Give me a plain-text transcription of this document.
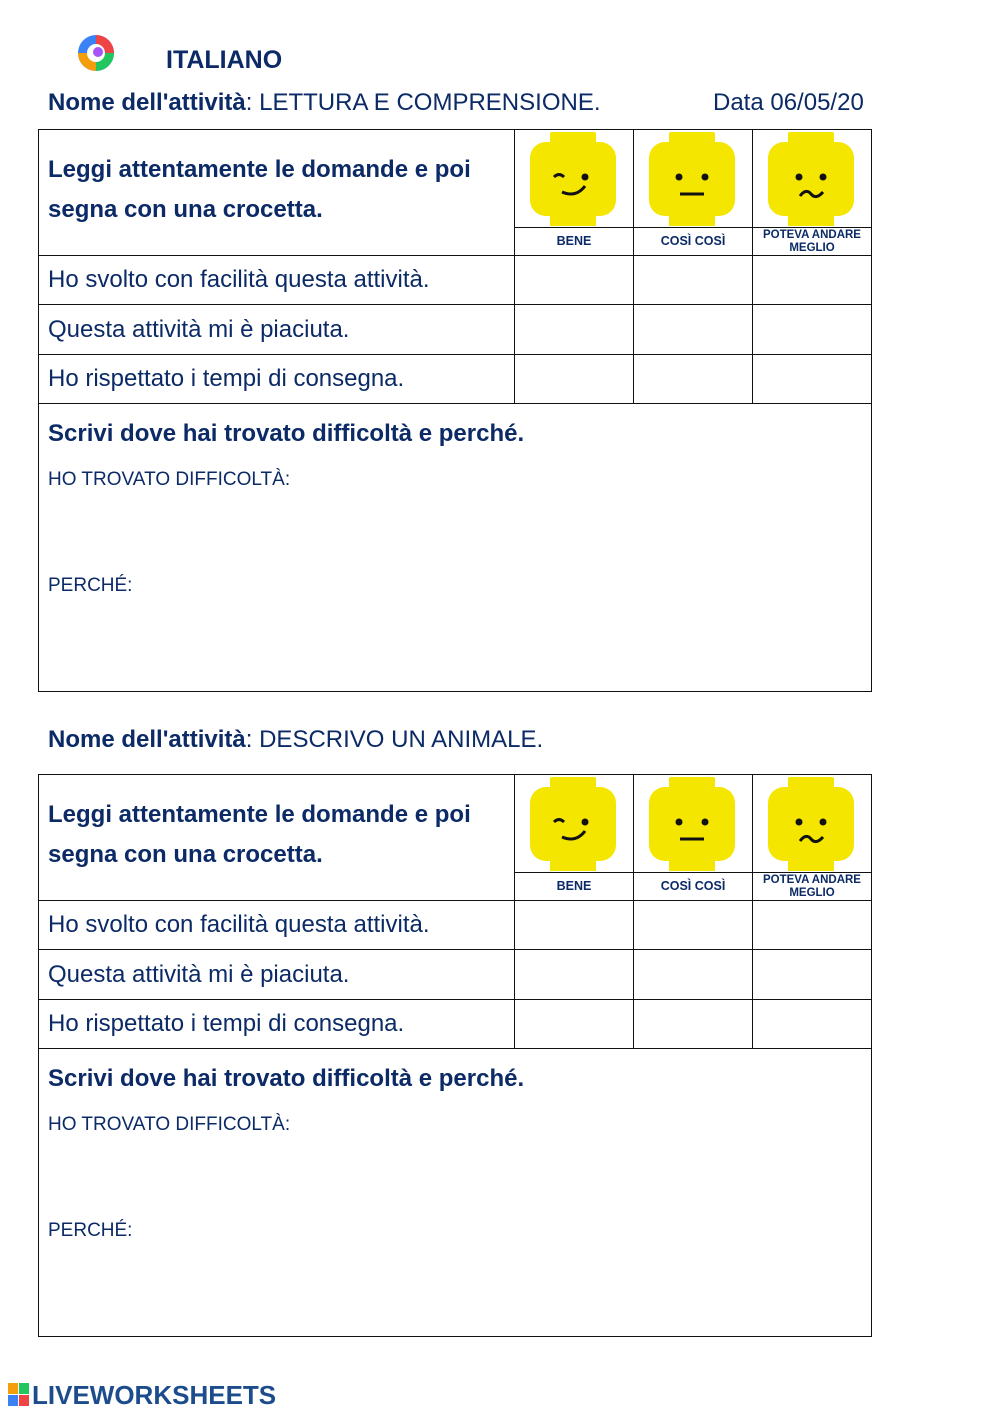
ITALIANO
Nome dell'attività: LETTURA E COMPRENSIONE.	Data 06/05/20
Leggi attentamente le domande e poi segna con una crocetta.
BENE	COSÌ COSÌ	POTEVA ANDARE MEGLIO
Ho svolto con facilità questa attività.
Questa attività mi è piaciuta.
Ho rispettato i tempi di consegna.
Scrivi dove hai trovato difficoltà e perché.
HO TROVATO DIFFICOLTÀ:
PERCHÉ:
Nome dell'attività: DESCRIVO UN ANIMALE.
Leggi attentamente le domande e poi segna con una crocetta.
BENE	COSÌ COSÌ	POTEVA ANDARE MEGLIO
Ho svolto con facilità questa attività.
Questa attività mi è piaciuta.
Ho rispettato i tempi di consegna.
Scrivi dove hai trovato difficoltà e perché.
HO TROVATO DIFFICOLTÀ:
PERCHÉ:
LIVEWORKSHEETS
